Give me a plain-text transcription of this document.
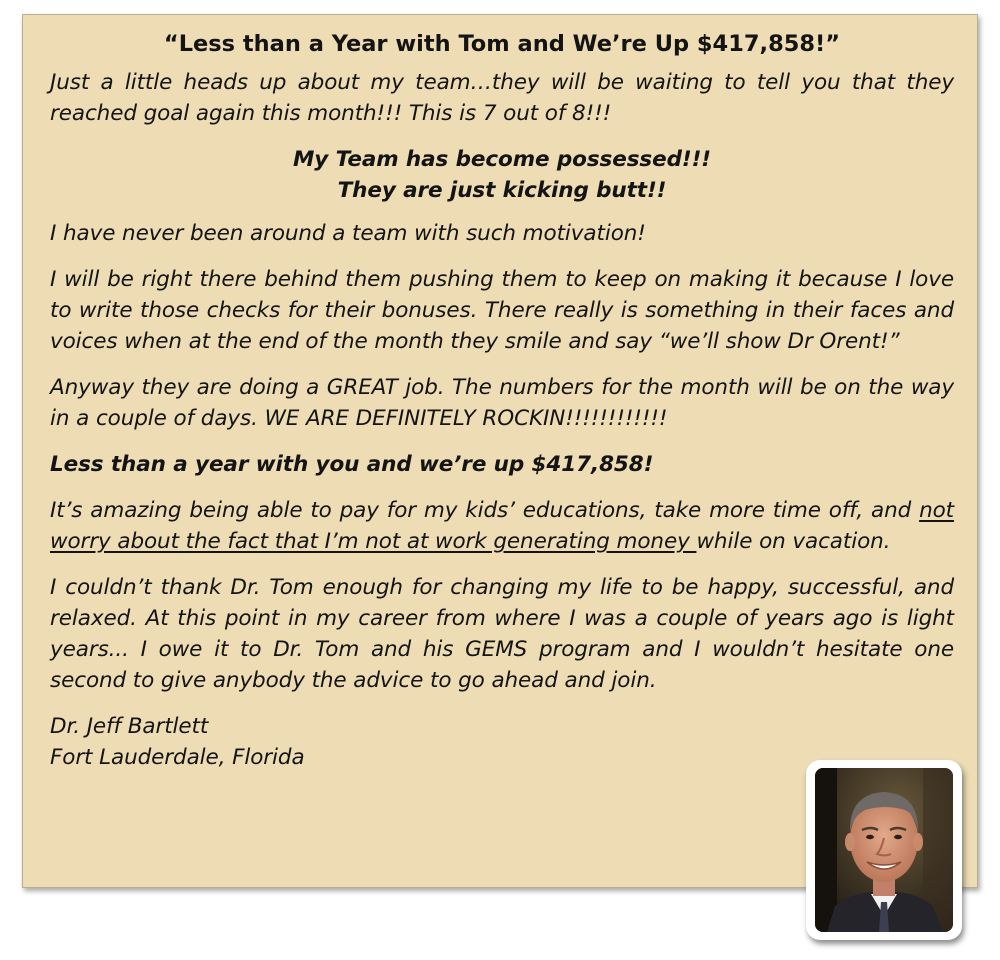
“Less than a Year with Tom and We’re Up $417,858!”

Just a little heads up about my team…they will be waiting to tell you that they reached goal again this month!!! This is 7 out of 8!!!

My Team has become possessed!!!
They are just kicking butt!!

I have never been around a team with such motivation!

I will be right there behind them pushing them to keep on making it because I love to write those checks for their bonuses. There really is something in their faces and voices when at the end of the month they smile and say “we’ll show Dr Orent!”

Anyway they are doing a GREAT job. The numbers for the month will be on the way in a couple of days. WE ARE DEFINITELY ROCKIN!!!!!!!!!!!!

Less than a year with you and we’re up $417,858!

It’s amazing being able to pay for my kids’ educations, take more time off, and not worry about the fact that I’m not at work generating money while on vacation.

I couldn’t thank Dr. Tom enough for changing my life to be happy, successful, and relaxed. At this point in my career from where I was a couple of years ago is light years... I owe it to Dr. Tom and his GEMS program and I wouldn’t hesitate one second to give anybody the advice to go ahead and join.

Dr. Jeff Bartlett

Fort Lauderdale, Florida
